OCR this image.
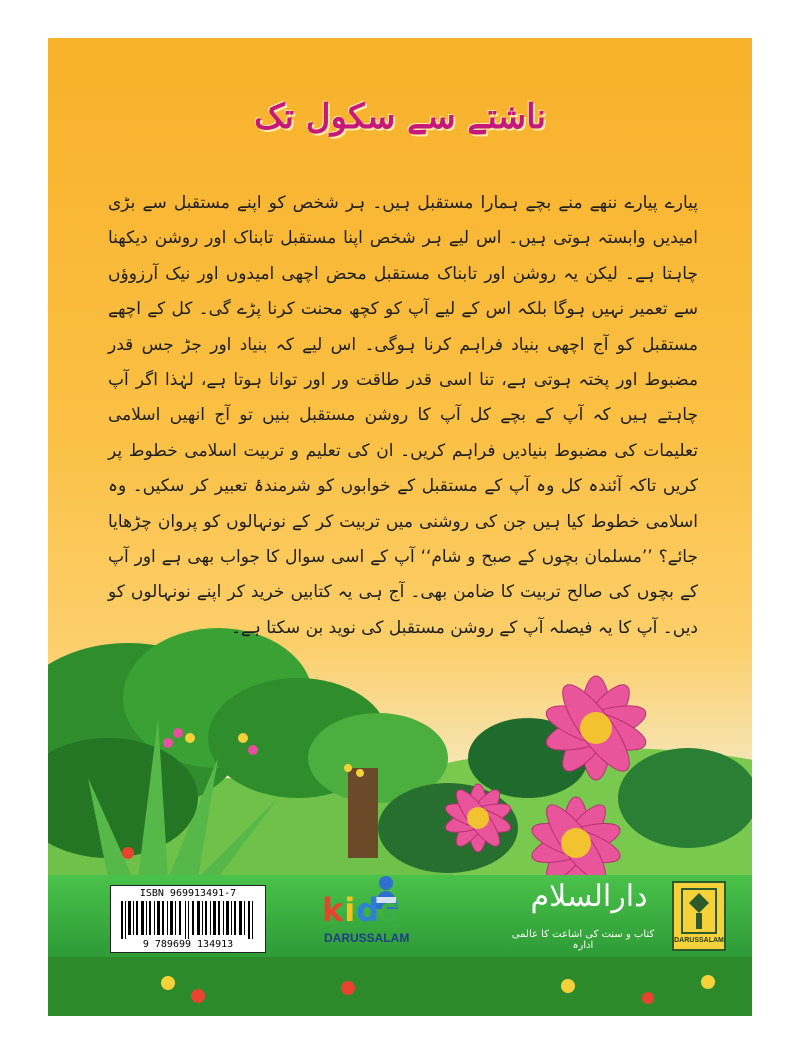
ناشتے سے سکول تک

پیارے پیارے ننھے منے بچے ہمارا مستقبل ہیں۔ ہر شخص کو اپنے مستقبل سے بڑی امیدیں وابستہ ہوتی ہیں۔ اس لیے ہر شخص اپنا مستقبل تابناک اور روشن دیکھنا چاہتا ہے۔ لیکن یہ روشن اور تابناک مستقبل محض اچھی امیدوں اور نیک آرزوؤں سے تعمیر نہیں ہوگا بلکہ اس کے لیے آپ کو کچھ محنت کرنا پڑے گی۔ کل کے اچھے مستقبل کو آج اچھی بنیاد فراہم کرنا ہوگی۔ اس لیے کہ بنیاد اور جڑ جس قدر مضبوط اور پختہ ہوتی ہے، تنا اسی قدر طاقت ور اور توانا ہوتا ہے، لہٰذا اگر آپ چاہتے ہیں کہ آپ کے بچے کل آپ کا روشن مستقبل بنیں تو آج انھیں اسلامی تعلیمات کی مضبوط بنیادیں فراہم کریں۔ ان کی تعلیم و تربیت اسلامی خطوط پر کریں تاکہ آئندہ کل وہ آپ کے مستقبل کے خوابوں کو شرمندۂ تعبیر کر سکیں۔ وہ اسلامی خطوط کیا ہیں جن کی روشنی میں تربیت کر کے نونہالوں کو پروان چڑھایا جائے؟ ’’مسلمان بچوں کے صبح و شام‘‘ آپ کے اسی سوال کا جواب بھی ہے اور آپ کے بچوں کی صالح تربیت کا ضامن بھی۔ آج ہی یہ کتابیں خرید کر اپنے نونہالوں کو دیں۔ آپ کا یہ فیصلہ آپ کے روشن مستقبل کی نوید بن سکتا ہے۔

ISBN 969913491-7
9 789699 134913
kids
DARUSSALAM
دارالسلام
کتاب و سنت کی اشاعت کا عالمی ادارہ	DARUSSALAM
